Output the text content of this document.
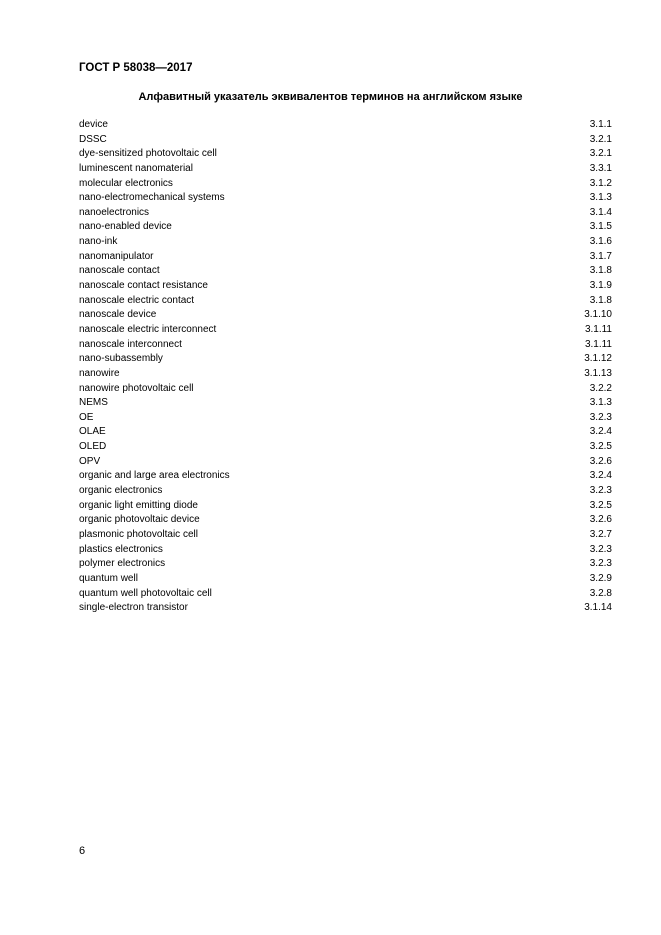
ГОСТ Р 58038—2017
Алфавитный указатель эквивалентов терминов на английском языке
device	3.1.1
DSSC	3.2.1
dye-sensitized photovoltaic cell	3.2.1
luminescent nanomaterial	3.3.1
molecular electronics	3.1.2
nano-electromechanical systems	3.1.3
nanoelectronics	3.1.4
nano-enabled device	3.1.5
nano-ink	3.1.6
nanomanipulator	3.1.7
nanoscale contact	3.1.8
nanoscale contact resistance	3.1.9
nanoscale electric contact	3.1.8
nanoscale device	3.1.10
nanoscale electric interconnect	3.1.11
nanoscale interconnect	3.1.11
nano-subassembly	3.1.12
nanowire	3.1.13
nanowire photovoltaic cell	3.2.2
NEMS	3.1.3
OE	3.2.3
OLAE	3.2.4
OLED	3.2.5
OPV	3.2.6
organic and large area electronics	3.2.4
organic electronics	3.2.3
organic light emitting diode	3.2.5
organic photovoltaic device	3.2.6
plasmonic photovoltaic cell	3.2.7
plastics electronics	3.2.3
polymer electronics	3.2.3
quantum well	3.2.9
quantum well photovoltaic cell	3.2.8
single-electron transistor	3.1.14
6
